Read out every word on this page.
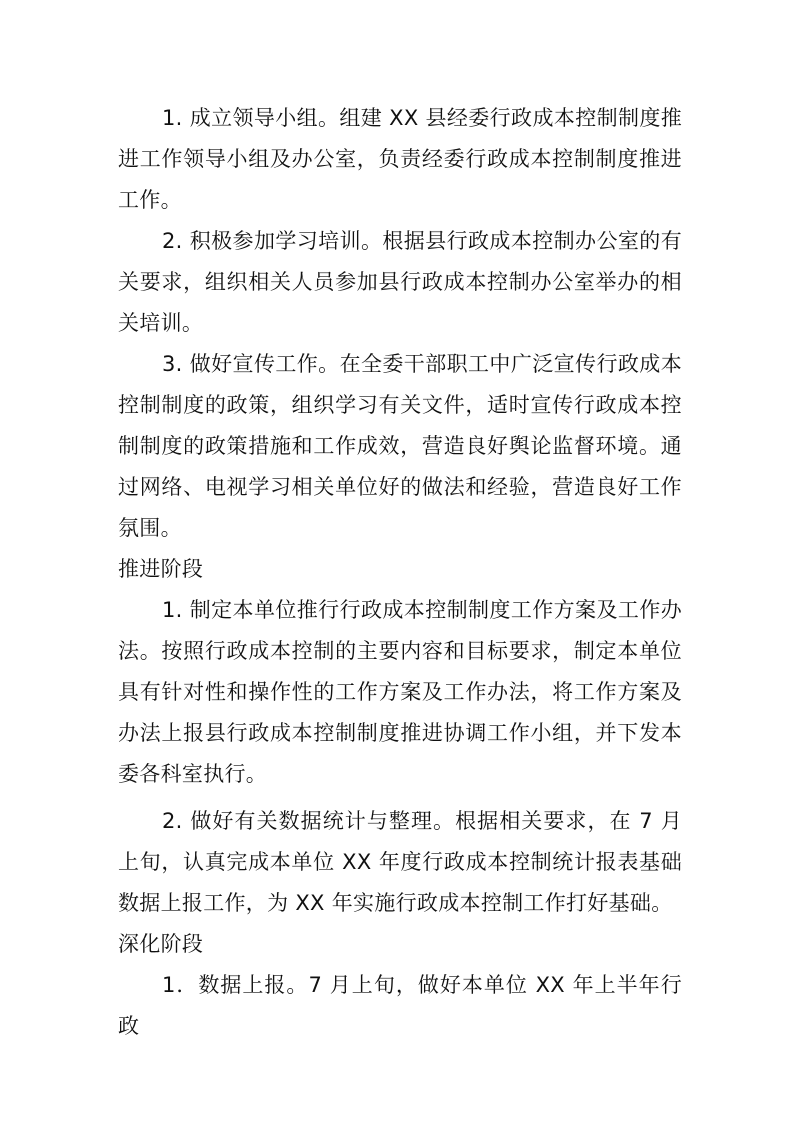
1. 成立领导小组。组建 XX 县经委行政成本控制制度推进工作领导小组及办公室，负责经委行政成本控制制度推进工作。

2. 积极参加学习培训。根据县行政成本控制办公室的有关要求，组织相关人员参加县行政成本控制办公室举办的相关培训。

3. 做好宣传工作。在全委干部职工中广泛宣传行政成本控制制度的政策，组织学习有关文件，适时宣传行政成本控制制度的政策措施和工作成效，营造良好舆论监督环境。通过网络、电视学习相关单位好的做法和经验，营造良好工作氛围。

推进阶段

1. 制定本单位推行行政成本控制制度工作方案及工作办法。按照行政成本控制的主要内容和目标要求，制定本单位具有针对性和操作性的工作方案及工作办法，将工作方案及办法上报县行政成本控制制度推进协调工作小组，并下发本委各科室执行。

2. 做好有关数据统计与整理。根据相关要求，在 7 月上旬，认真完成本单位 XX 年度行政成本控制统计报表基础数据上报工作，为 XX 年实施行政成本控制工作打好基础。

深化阶段

1．数据上报。7 月上旬，做好本单位 XX 年上半年行政
